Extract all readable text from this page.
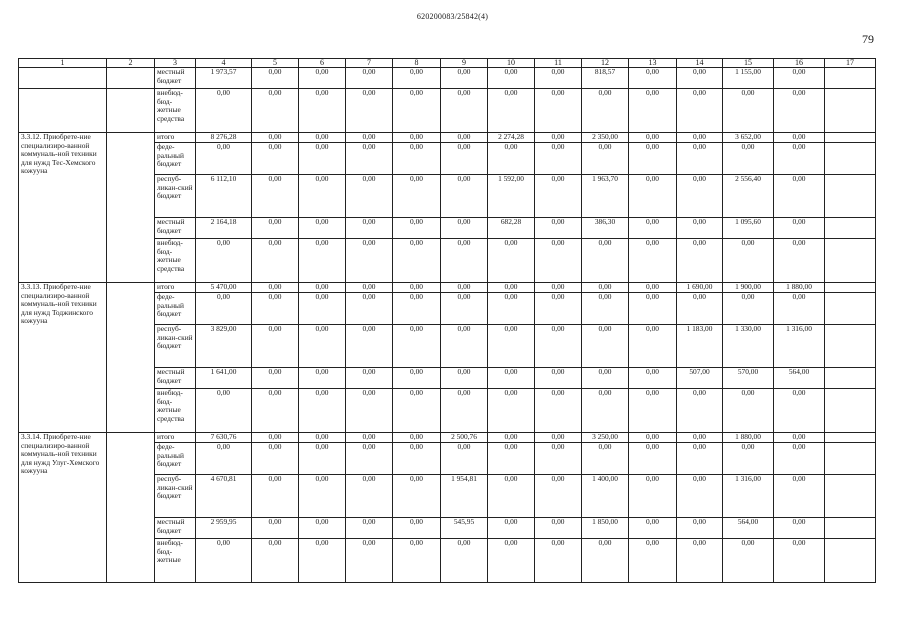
620200083/25842(4)
79
1	2	3	4	5	6	7	8	9	10	11	12	13	14	15	16	17
		местный бюджет	1 973,57	0,00	0,00	0,00	0,00	0,00	0,00	0,00	818,57	0,00	0,00	1 155,00	0,00	
		внебюд-бюд-жетные средства	0,00	0,00	0,00	0,00	0,00	0,00	0,00	0,00	0,00	0,00	0,00	0,00	0,00	
3.3.12. Приобрете-ние специализиро-ванной коммуналь-ной техники для нужд Тес-Хемского кожууна		итого	8 276,28	0,00	0,00	0,00	0,00	0,00	2 274,28	0,00	2 350,00	0,00	0,00	3 652,00	0,00	
		феде-ральный бюджет	0,00	0,00	0,00	0,00	0,00	0,00	0,00	0,00	0,00	0,00	0,00	0,00	0,00	
		респуб-ликан-ский бюджет	6 112,10	0,00	0,00	0,00	0,00	0,00	1 592,00	0,00	1 963,70	0,00	0,00	2 556,40	0,00	
		местный бюджет	2 164,18	0,00	0,00	0,00	0,00	0,00	682,28	0,00	386,30	0,00	0,00	1 095,60	0,00	
		внебюд-бюд-жетные средства	0,00	0,00	0,00	0,00	0,00	0,00	0,00	0,00	0,00	0,00	0,00	0,00	0,00	
3.3.13. Приобрете-ние специализиро-ванной коммуналь-ной техники для нужд Тоджинского кожууна		итого	5 470,00	0,00	0,00	0,00	0,00	0,00	0,00	0,00	0,00	0,00	1 690,00	1 900,00	1 880,00	
		феде-ральный бюджет	0,00	0,00	0,00	0,00	0,00	0,00	0,00	0,00	0,00	0,00	0,00	0,00	0,00	
		респуб-ликан-ский бюджет	3 829,00	0,00	0,00	0,00	0,00	0,00	0,00	0,00	0,00	0,00	1 183,00	1 330,00	1 316,00	
		местный бюджет	1 641,00	0,00	0,00	0,00	0,00	0,00	0,00	0,00	0,00	0,00	507,00	570,00	564,00	
		внебюд-бюд-жетные средства	0,00	0,00	0,00	0,00	0,00	0,00	0,00	0,00	0,00	0,00	0,00	0,00	0,00	
3.3.14. Приобрете-ние специализиро-ванной коммуналь-ной техники для нужд Улуг-Хемского кожууна		итого	7 630,76	0,00	0,00	0,00	0,00	2 500,76	0,00	0,00	3 250,00	0,00	0,00	1 880,00	0,00	
		феде-ральный бюджет	0,00	0,00	0,00	0,00	0,00	0,00	0,00	0,00	0,00	0,00	0,00	0,00	0,00	
		респуб-ликан-ский бюджет	4 670,81	0,00	0,00	0,00	0,00	1 954,81	0,00	0,00	1 400,00	0,00	0,00	1 316,00	0,00	
		местный бюджет	2 959,95	0,00	0,00	0,00	0,00	545,95	0,00	0,00	1 850,00	0,00	0,00	564,00	0,00	
		внебюд-бюд-жетные	0,00	0,00	0,00	0,00	0,00	0,00	0,00	0,00	0,00	0,00	0,00	0,00	0,00	
